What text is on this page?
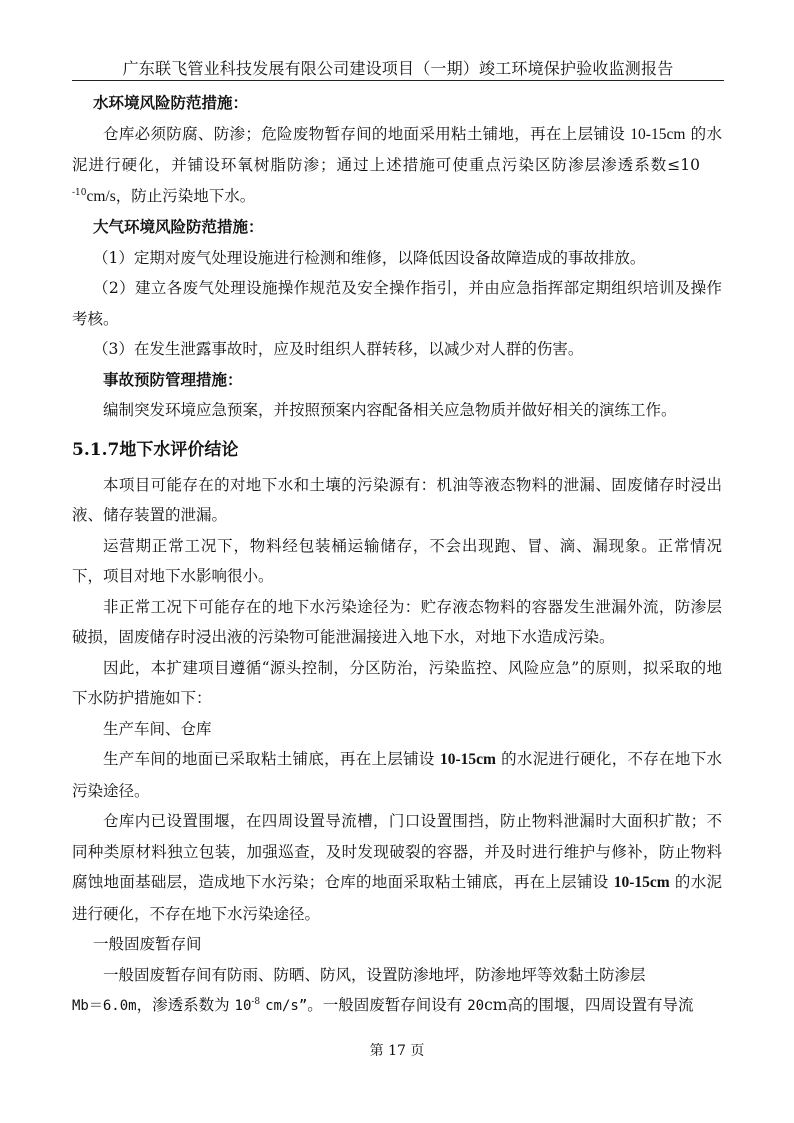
广东联飞管业科技发展有限公司建设项目（一期）竣工环境保护验收监测报告

水环境风险防范措施：

仓库必须防腐、防渗；危险废物暂存间的地面采用粘土铺地，再在上层铺设 10-15cm 的水泥进行硬化，并铺设环氧树脂防渗；通过上述措施可使重点污染区防渗层渗透系数$\le 10^{-10}cm/s$，防止污染地下水。

大气环境风险防范措施：

（1）定期对废气处理设施进行检测和维修，以降低因设备故障造成的事故排放。

（2）建立各废气处理设施操作规范及安全操作指引，并由应急指挥部定期组织培训及操作考核。

（3）在发生泄露事故时，应及时组织人群转移，以减少对人群的伤害。

事故预防管理措施：

编制突发环境应急预案，并按照预案内容配备相关应急物质并做好相关的演练工作。

5.1.7地下水评价结论

本项目可能存在的对地下水和土壤的污染源有：机油等液态物料的泄漏、固废储存时浸出液、储存装置的泄漏。

运营期正常工况下，物料经包装桶运输储存，不会出现跑、冒、滴、漏现象。正常情况下，项目对地下水影响很小。

非正常工况下可能存在的地下水污染途径为：贮存液态物料的容器发生泄漏外流，防渗层破损，固废储存时浸出液的污染物可能泄漏接进入地下水，对地下水造成污染。

因此，本扩建项目遵循“源头控制，分区防治，污染监控、风险应急”的原则，拟采取的地下水防护措施如下：

生产车间、仓库

生产车间的地面已采取粘土铺底，再在上层铺设 10-15cm 的水泥进行硬化，不存在地下水污染途径。

仓库内已设置围堰，在四周设置导流槽，门口设置围挡，防止物料泄漏时大面积扩散；不同种类原材料独立包装，加强巡查，及时发现破裂的容器，并及时进行维护与修补，防止物料腐蚀地面基础层，造成地下水污染；仓库的地面采取粘土铺底，再在上层铺设 10-15cm 的水泥进行硬化，不存在地下水污染途径。

一般固废暂存间

一般固废暂存间有防雨、防晒、防风，设置防渗地坪，防渗地坪等效黏土防渗层

Mb＝6.0m，渗透系数为 $10^{-8}$ cm/s”。一般固废暂存间设有 20cm高的围堰，四周设置有导流

第 17 页
